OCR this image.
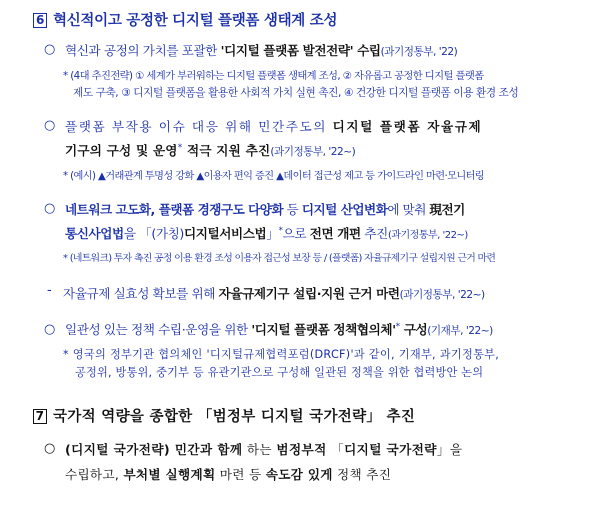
6 혁신적이고 공정한 디지털 플랫폼 생태계 조성
○ 혁신과 공정의 가치를 포괄한 '디지털 플랫폼 발전전략' 수립(과기정통부, '22)
* (4대 추진전략) ① 세계가 부러워하는 디지털 플랫폼 생태계 조성, ② 자유롭고 공정한 디지털 플랫폼
제도 구축, ③ 디지털 플랫폼을 활용한 사회적 가치 실현 촉진, ④ 건강한 디지털 플랫폼 이용 환경 조성
○ 플랫폼 부작용 이슈 대응 위해 민간주도의 디지털 플랫폼 자율규제
기구의 구성 및 운영* 적극 지원 추진(과기정통부, '22~)
* (예시) ▲거래관계 투명성 강화 ▲이용자 편익 증진 ▲데이터 접근성 제고 등 가이드라인 마련·모니터링
○ 네트워크 고도화, 플랫폼 경쟁구도 다양화 등 디지털 산업변화에 맞춰 現전기
통신사업법을 「(가칭)디지털서비스법」*으로 전면 개편 추진(과기정통부, '22~)
* (네트워크) 투자 촉진 공정 이용 환경 조성 이용자 접근성 보장 등 / (플랫폼) 자율규제기구 설립지원 근거 마련
- 자율규제 실효성 확보를 위해 자율규제기구 설립·지원 근거 마련(과기정통부, '22~)
○ 일관성 있는 정책 수립·운영을 위한 '디지털 플랫폼 정책협의체'* 구성(기재부, '22~)
* 영국의 정부기관 협의체인 '디지털규제협력포럼(DRCF)'과 같이, 기재부, 과기정통부,
공정위, 방통위, 중기부 등 유관기관으로 구성해 일관된 정책을 위한 협력방안 논의
7 국가적 역량을 종합한 「범정부 디지털 국가전략」 추진
○ (디지털 국가전략) 민간과 함께 하는 범정부적 「디지털 국가전략」을
수립하고, 부처별 실행계획 마련 등 속도감 있게 정책 추진
